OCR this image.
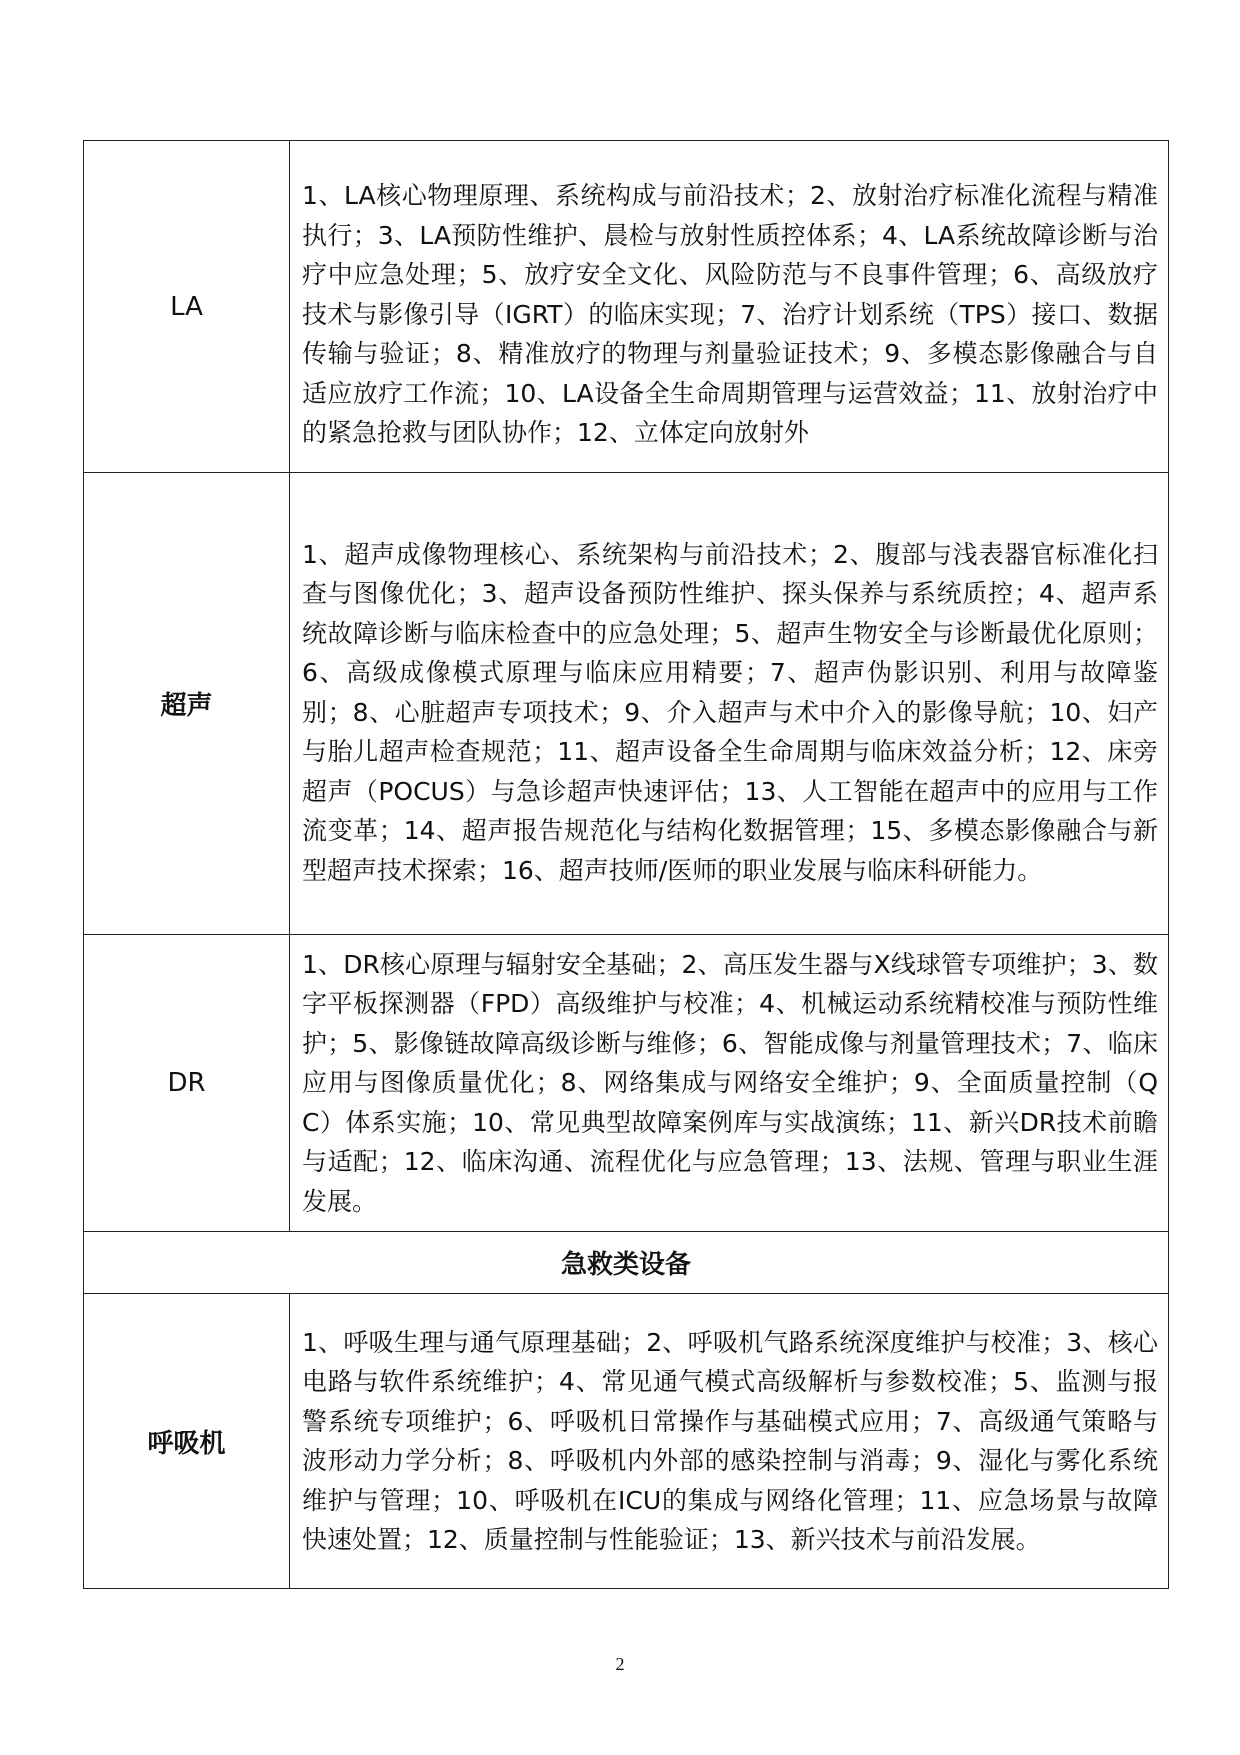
LA	1、LA核心物理原理、系统构成与前沿技术；2、放射治疗标准化流程与精准执行；3、LA预防性维护、晨检与放射性质控体系；4、LA系统故障诊断与治疗中应急处理；5、放疗安全文化、风险防范与不良事件管理；6、高级放疗技术与影像引导（IGRT）的临床实现；7、治疗计划系统（TPS）接口、数据传输与验证；8、精准放疗的物理与剂量验证技术；9、多模态影像融合与自适应放疗工作流；10、LA设备全生命周期管理与运营效益；11、放射治疗中的紧急抢救与团队协作；12、立体定向放射外

超声	1、超声成像物理核心、系统架构与前沿技术；2、腹部与浅表器官标准化扫查与图像优化；3、超声设备预防性维护、探头保养与系统质控；4、超声系统故障诊断与临床检查中的应急处理；5、超声生物安全与诊断最优化原则；6、高级成像模式原理与临床应用精要；7、超声伪影识别、利用与故障鉴别；8、心脏超声专项技术；9、介入超声与术中介入的影像导航；10、妇产与胎儿超声检查规范；11、超声设备全生命周期与临床效益分析；12、床旁超声（POCUS）与急诊超声快速评估；13、人工智能在超声中的应用与工作流变革；14、超声报告规范化与结构化数据管理；15、多模态影像融合与新型超声技术探索；16、超声技师/医师的职业发展与临床科研能力。
DR	1、DR核心原理与辐射安全基础；2、高压发生器与X线球管专项维护；3、数字平板探测器（FPD）高级维护与校准；4、机械运动系统精校准与预防性维护；5、影像链故障高级诊断与维修；6、智能成像与剂量管理技术；7、临床应用与图像质量优化；8、网络集成与网络安全维护；9、全面质量控制（QC）体系实施；10、常见典型故障案例库与实战演练；11、新兴DR技术前瞻与适配；12、临床沟通、流程优化与应急管理；13、法规、管理与职业生涯发展。
急救类设备	
呼吸机	1、呼吸生理与通气原理基础；2、呼吸机气路系统深度维护与校准；3、核心电路与软件系统维护；4、常见通气模式高级解析与参数校准；5、监测与报警系统专项维护；6、呼吸机日常操作与基础模式应用；7、高级通气策略与波形动力学分析；8、呼吸机内外部的感染控制与消毒；9、湿化与雾化系统维护与管理；10、呼吸机在ICU的集成与网络化管理；11、应急场景与故障快速处置；12、质量控制与性能验证；13、新兴技术与前沿发展。
2
